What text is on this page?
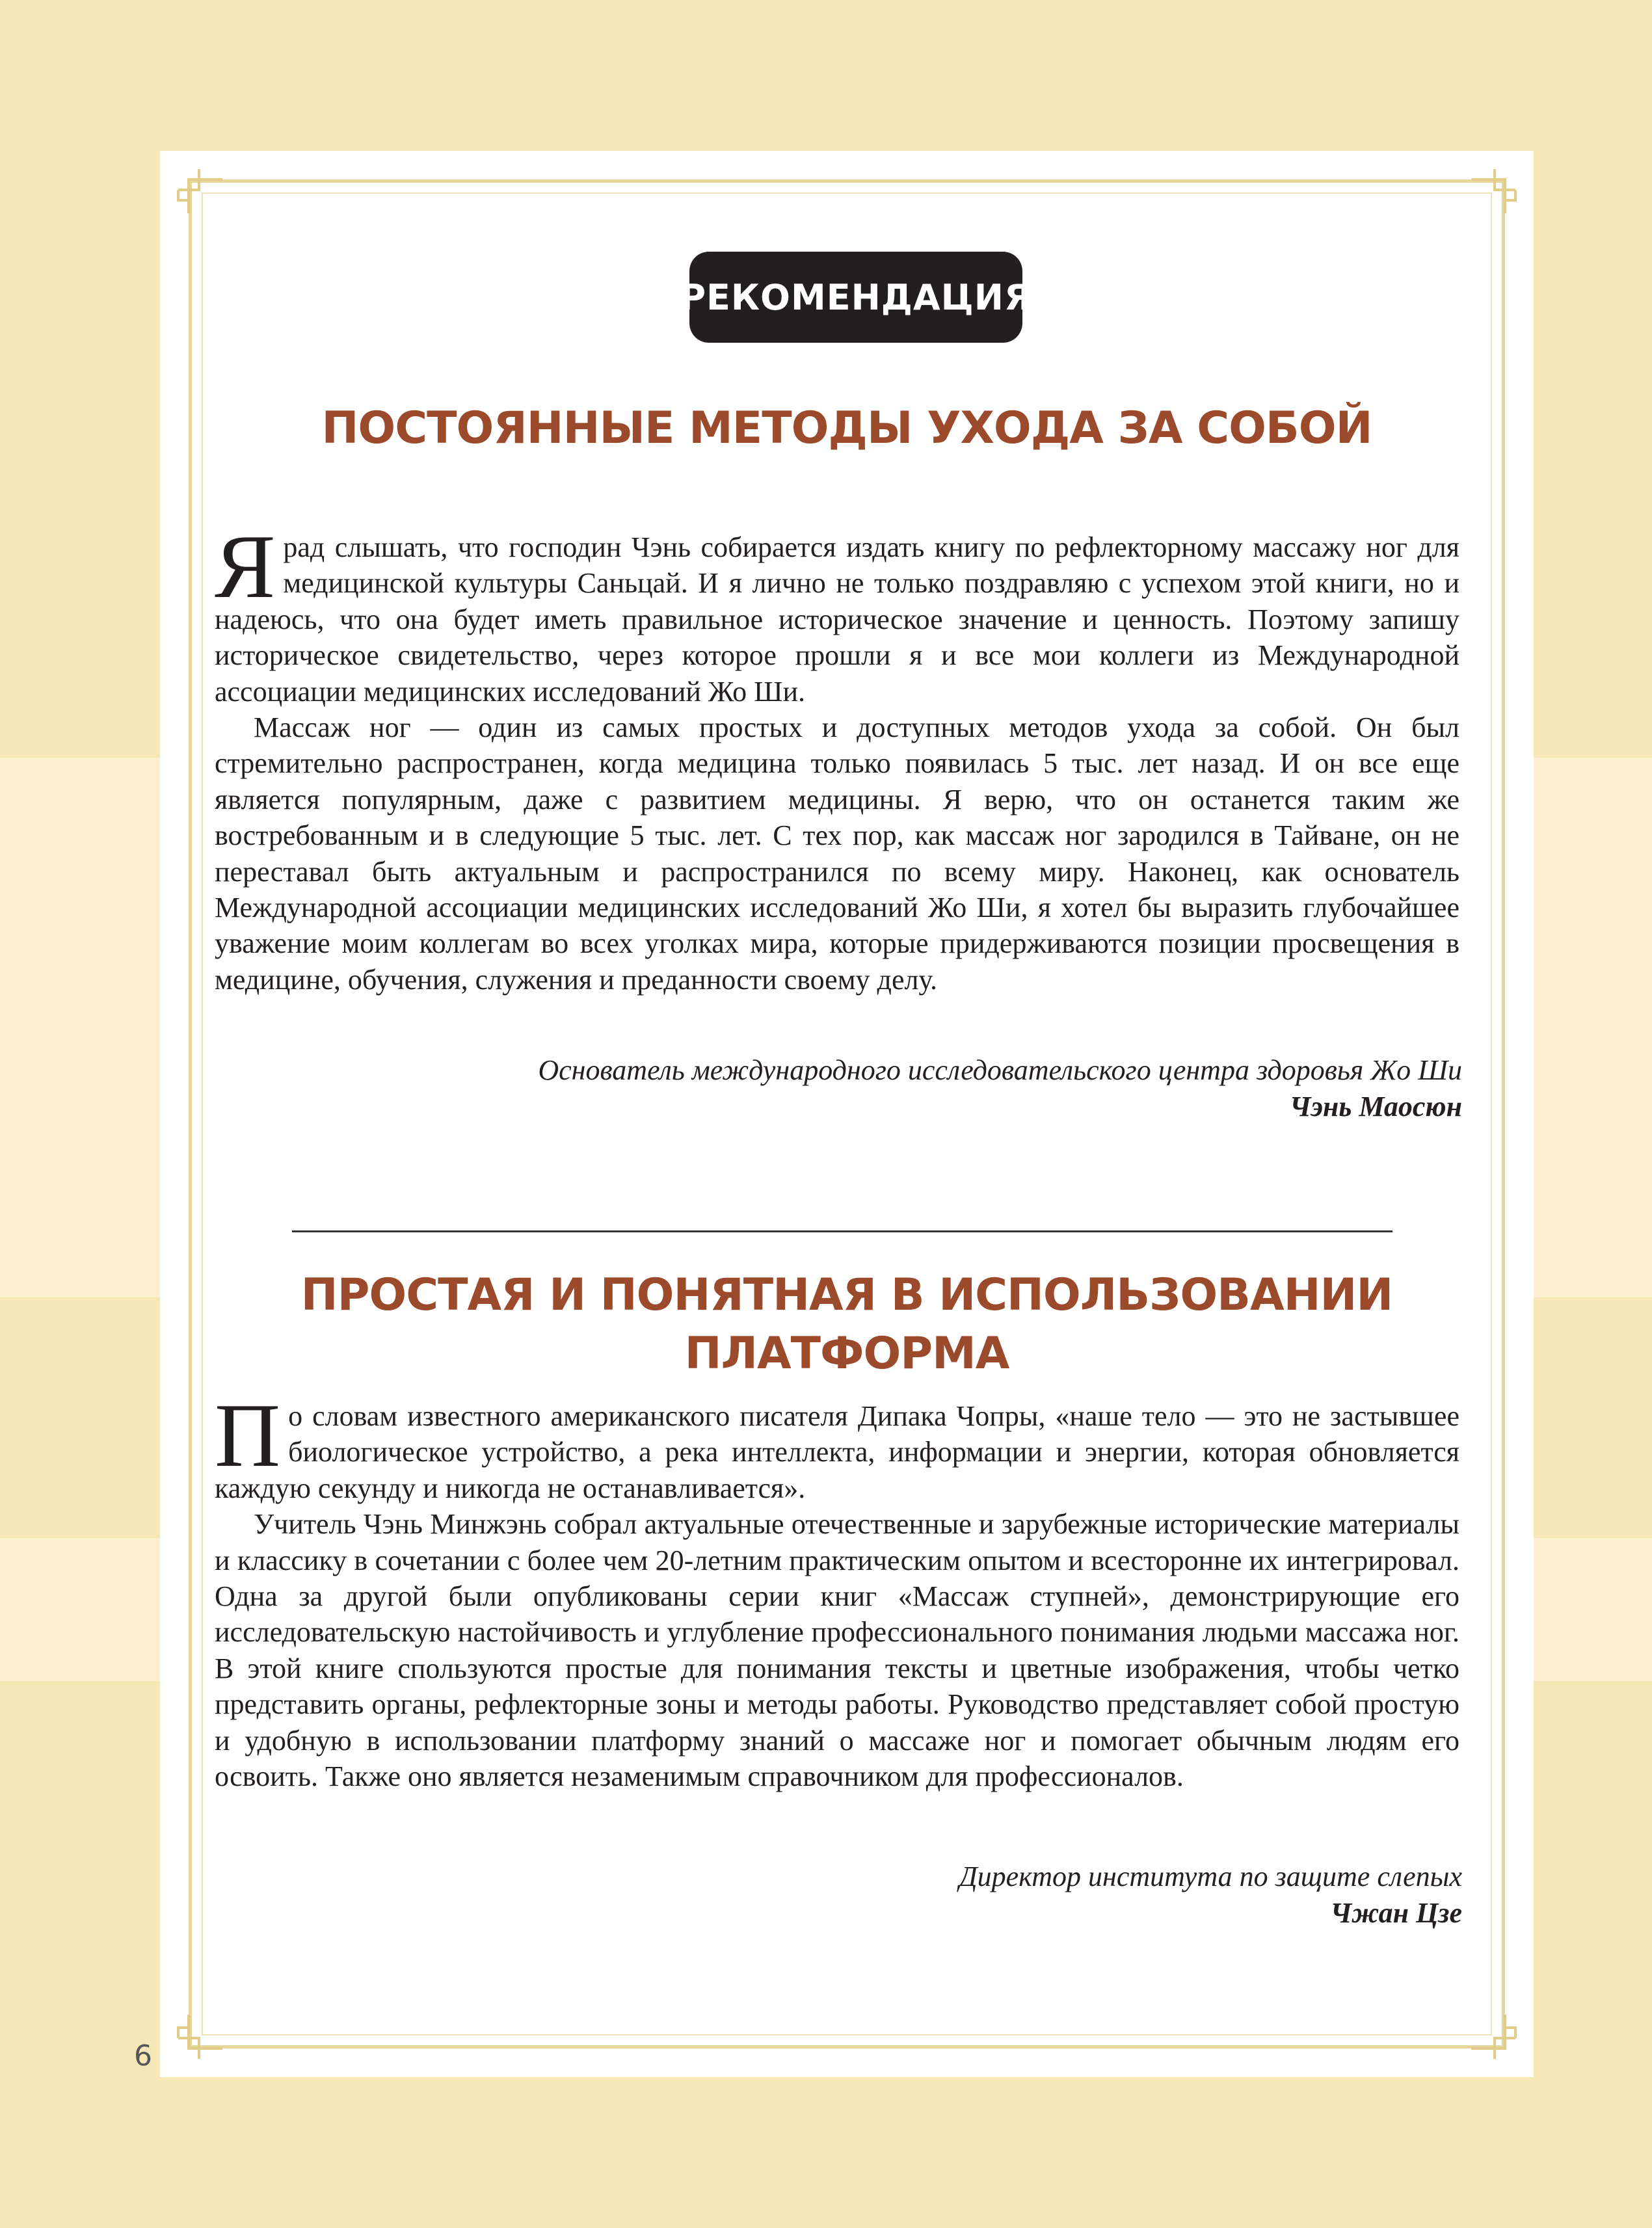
РЕКОМЕНДАЦИЯ
ПОСТОЯННЫЕ МЕТОДЫ УХОДА ЗА СОБОЙ

Ярад слышать, что господин Чэнь собирается издать книгу по рефлекторному массажу ног для медицинской культуры Саньцай. И я лично не только поздравляю с успехом этой книги, но и надеюсь, что она будет иметь правильное историческое значение и ценность. Поэтому запишу историческое свидетельство, через которое прошли я и все мои коллеги из Международной ассоциации медицинских исследований Жо Ши.

Массаж ног — один из самых простых и доступных методов ухода за собой. Он был стремительно распространен, когда медицина только появилась 5 тыс. лет назад. И он все еще является популярным, даже с развитием медицины. Я верю, что он останется таким же востребованным и в следующие 5 тыс. лет. С тех пор, как массаж ног зародился в Тайване, он не переставал быть актуальным и распространился по всему миру. Наконец, как основатель Международной ассоциации медицинских исследований Жо Ши, я хотел бы выразить глубочайшее уважение моим коллегам во всех уголках мира, которые придерживаются позиции просвещения в медицине, обучения, служения и преданности своему делу.

Основатель международного исследовательского центра здоровья Жо Ши
Чэнь Маосюн
ПРОСТАЯ И ПОНЯТНАЯ В ИСПОЛЬЗОВАНИИ ПЛАТФОРМА

По словам известного американского писателя Дипака Чопры, «наше тело — это не застывшее биологическое устройство, а река интеллекта, информации и энергии, которая обновляется каждую секунду и никогда не останавливается».

Учитель Чэнь Минжэнь собрал актуальные отечественные и зарубежные исторические материалы и классику в сочетании с более чем 20-летним практическим опытом и всесторонне их интегрировал. Одна за другой были опубликованы серии книг «Массаж ступней», демонстрирующие его исследовательскую настойчивость и углубление профессионального понимания людьми массажа ног. В этой книге спользуются простые для понимания тексты и цветные изображения, чтобы четко представить органы, рефлекторные зоны и методы работы. Руководство представляет собой простую и удобную в использовании платформу знаний о массаже ног и помогает обычным людям его освоить. Также оно является незаменимым справочником для профессионалов.

Директор института по защите слепых
Чжан Цзе
6
